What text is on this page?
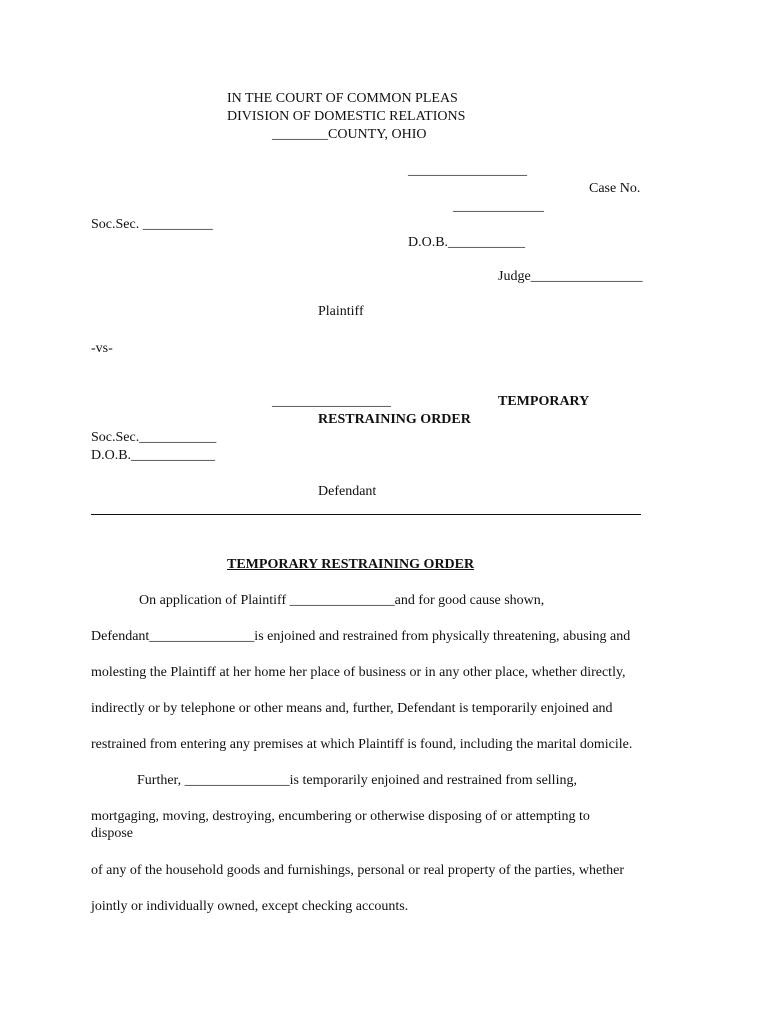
IN THE COURT OF COMMON PLEAS
DIVISION OF DOMESTIC RELATIONS
________COUNTY, OHIO
_________________
Case No.
_____________
Soc.Sec. __________
D.O.B.___________
Judge________________
Plaintiff
-vs-
_________________	TEMPORARY
RESTRAINING ORDER
Soc.Sec.___________
D.O.B.____________
Defendant
TEMPORARY RESTRAINING ORDER
On application of Plaintiff _______________and for good cause shown,
Defendant_______________is enjoined and restrained from physically threatening, abusing and
molesting the Plaintiff at her home her place of business or in any other place, whether directly,
indirectly or by telephone or other means and, further, Defendant is temporarily enjoined and
restrained from entering any premises at which Plaintiff is found, including the marital domicile.
Further, _______________is temporarily enjoined and restrained from selling,
mortgaging, moving, destroying, encumbering or otherwise disposing of or attempting to
dispose
of any of the household goods and furnishings, personal or real property of the parties, whether
jointly or individually owned, except checking accounts.
